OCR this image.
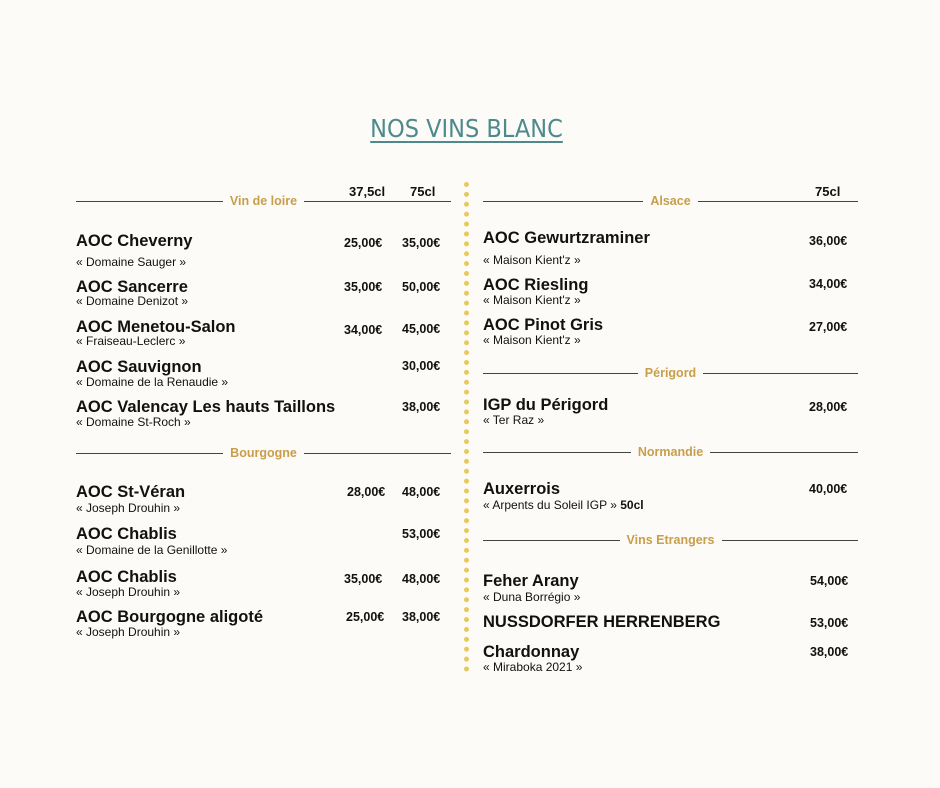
NOS VINS BLANC
37,5cl 75cl
Vin de loire
AOC Cheverny
« Domaine Sauger »
25,00€ 35,00€
AOC Sancerre
« Domaine Denizot »
35,00€ 50,00€
AOC Menetou-Salon
« Fraiseau-Leclerc »
34,00€ 45,00€
AOC Sauvignon
« Domaine de la Renaudie »
30,00€
AOC Valencay Les hauts Taillons
« Domaine St-Roch »
38,00€
Bourgogne
AOC St-Véran
« Joseph Drouhin »
28,00€ 48,00€
AOC Chablis
« Domaine de la Genillotte »
53,00€
AOC Chablis
« Joseph Drouhin »
35,00€ 48,00€
AOC Bourgogne aligoté
« Joseph Drouhin »
25,00€ 38,00€
75cl
Alsace
AOC Gewurtzraminer
« Maison Kient'z »
36,00€
AOC Riesling
« Maison Kient'z »
34,00€
AOC Pinot Gris
« Maison Kient'z »
27,00€
Périgord
IGP du Périgord
« Ter Raz »
28,00€
Normandie
Auxerrois
« Arpents du Soleil IGP » 50cl
40,00€
Vins Etrangers
Feher Arany
« Duna Borrégio »
54,00€
NUSSDORFER HERRENBERG	53,00€
Chardonnay
« Miraboka 2021 »
38,00€
